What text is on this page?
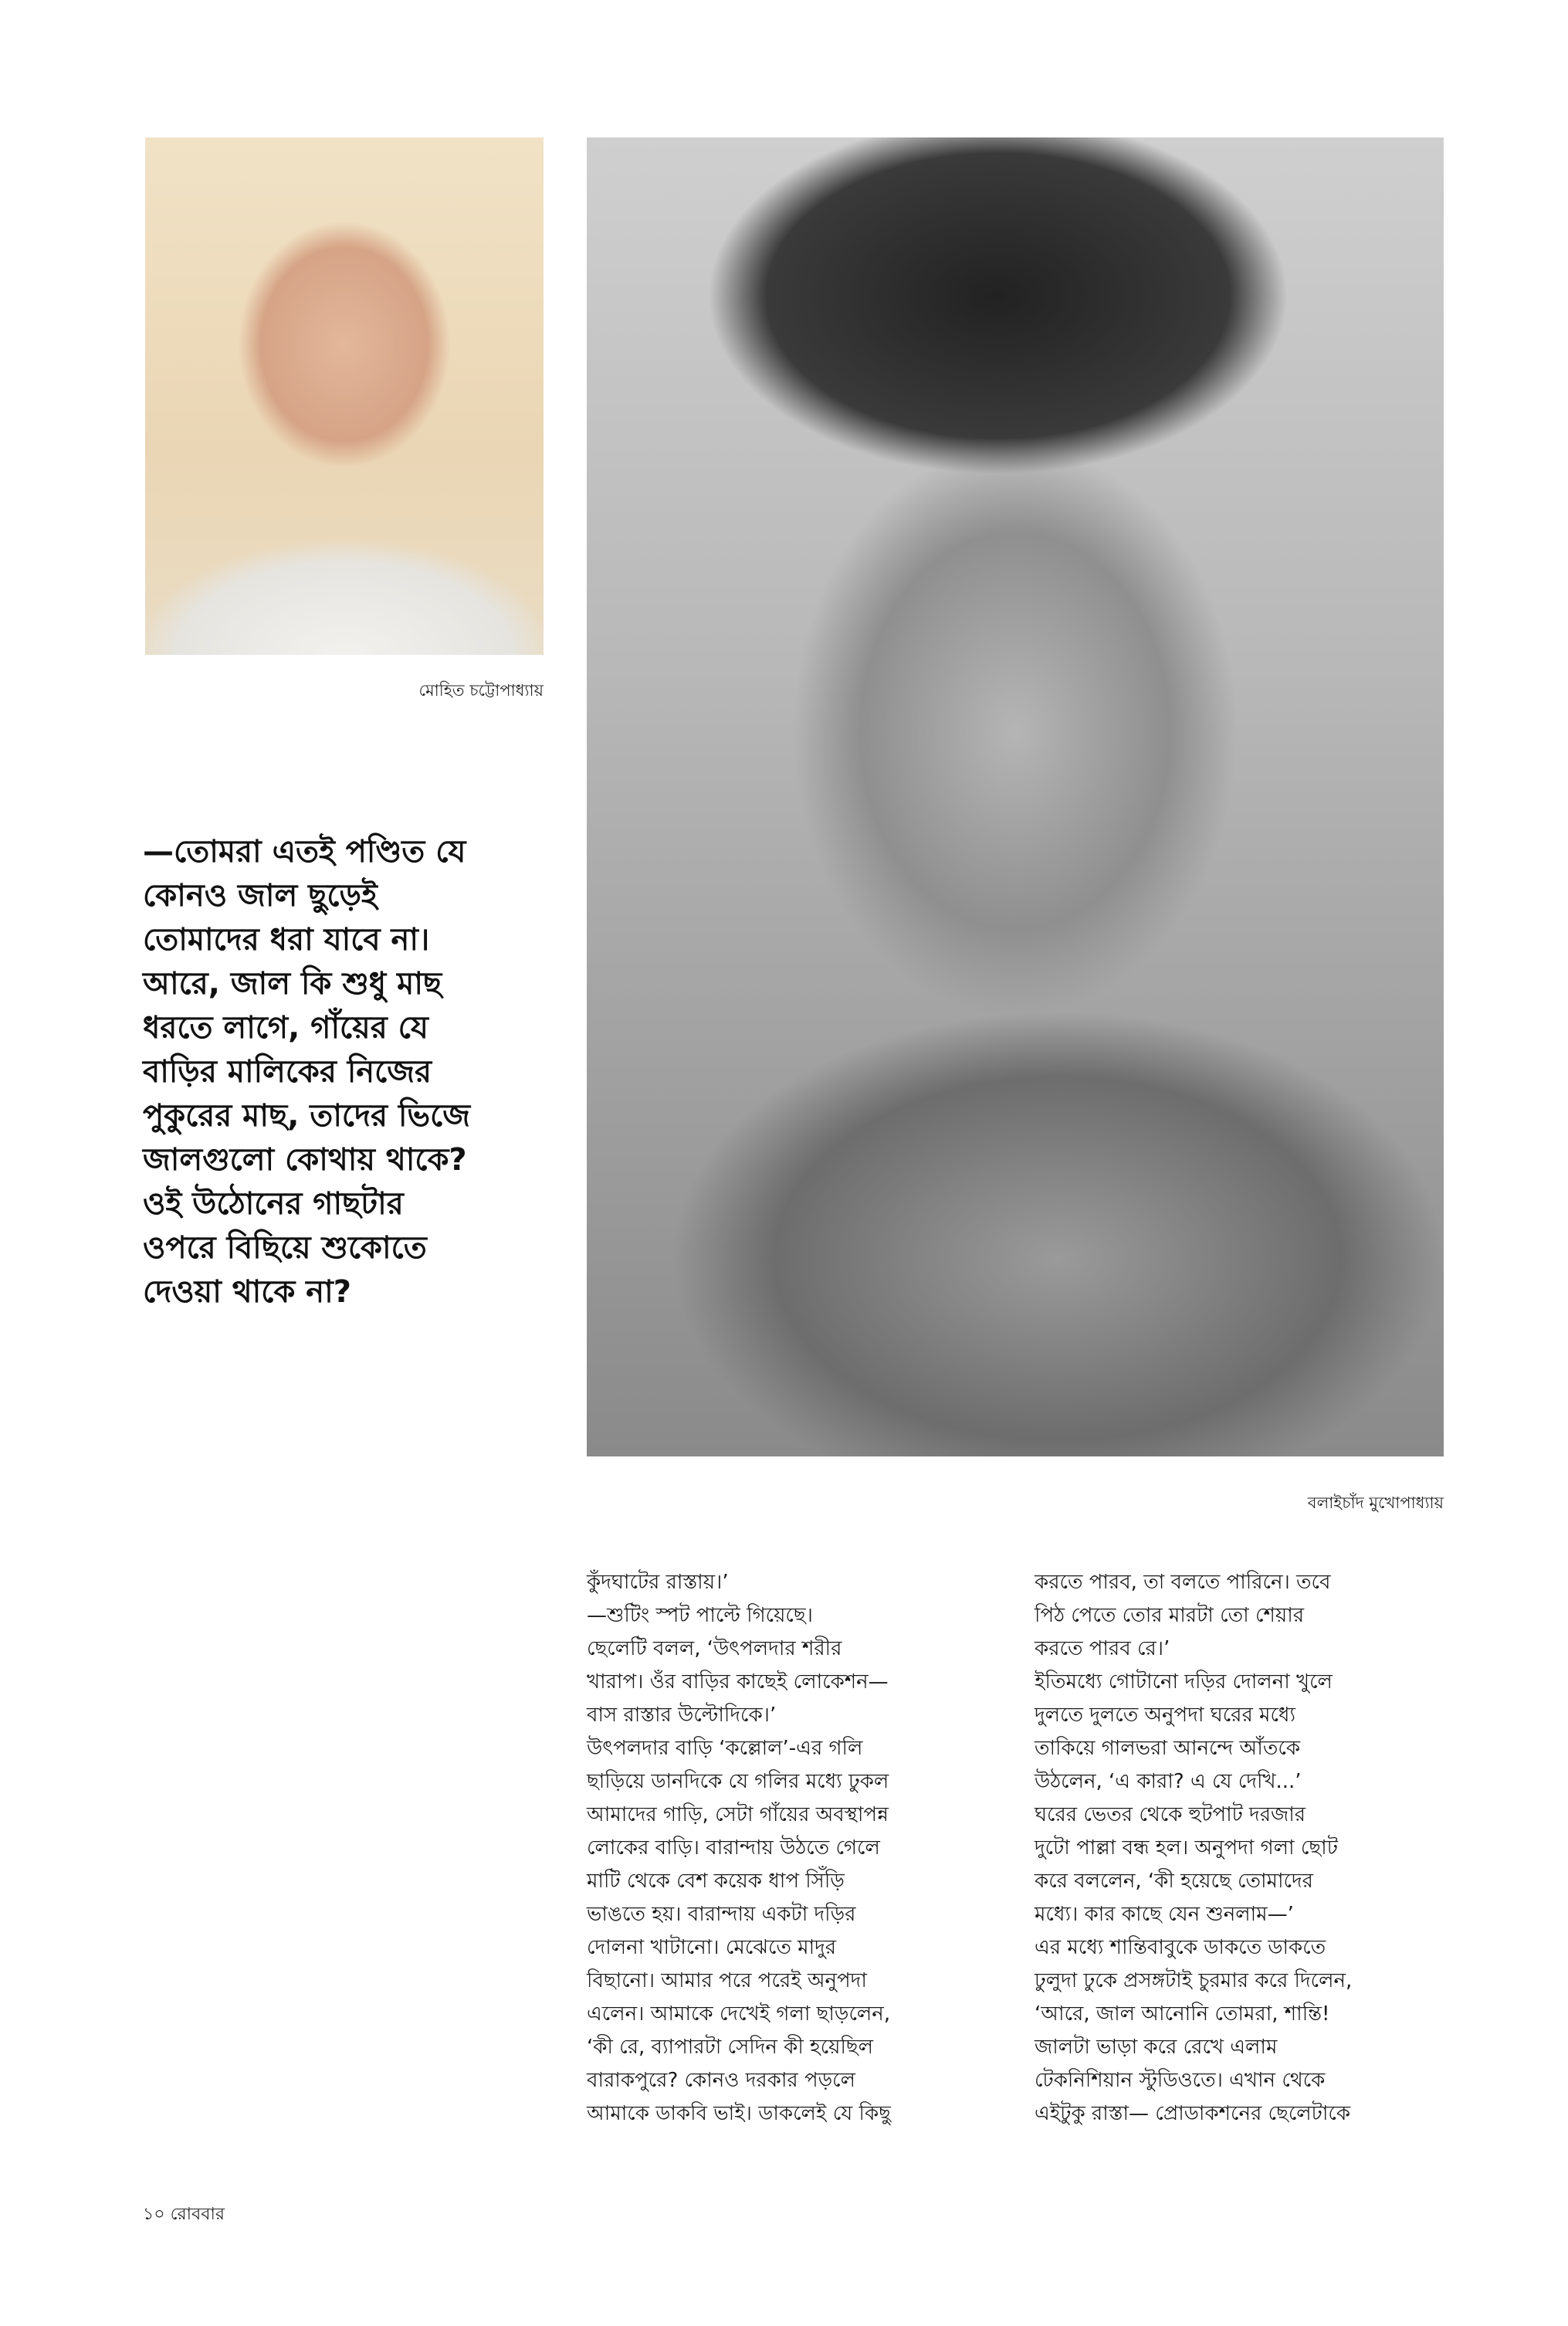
মোহিত চট্টোপাধ্যায়
বলাইচাঁদ মুখোপাধ্যায়
—তোমরা এতই পণ্ডিত যে
কোনও জাল ছুড়েই
তোমাদের ধরা যাবে না।
আরে, জাল কি শুধু মাছ
ধরতে লাগে, গাঁয়ের যে
বাড়ির মালিকের নিজের
পুকুরের মাছ, তাদের ভিজে
জালগুলো কোথায় থাকে?
ওই উঠোনের গাছটার
ওপরে বিছিয়ে শুকোতে
দেওয়া থাকে না?
কুঁদঘাটের রাস্তায়।’
—শুটিং স্পট পাল্টে গিয়েছে।
ছেলেটি বলল, ‘উৎপলদার শরীর
খারাপ। ওঁর বাড়ির কাছেই লোকেশন—
বাস রাস্তার উল্টোদিকে।’
উৎপলদার বাড়ি ‘কল্লোল’-এর গলি
ছাড়িয়ে ডানদিকে যে গলির মধ্যে ঢুকল
আমাদের গাড়ি, সেটা গাঁয়ের অবস্থাপন্ন
লোকের বাড়ি। বারান্দায় উঠতে গেলে
মাটি থেকে বেশ কয়েক ধাপ সিঁড়ি
ভাঙতে হয়। বারান্দায় একটা দড়ির
দোলনা খাটানো। মেঝেতে মাদুর
বিছানো। আমার পরে পরেই অনুপদা
এলেন। আমাকে দেখেই গলা ছাড়লেন,
‘কী রে, ব্যাপারটা সেদিন কী হয়েছিল
বারাকপুরে? কোনও দরকার পড়লে
আমাকে ডাকবি ভাই। ডাকলেই যে কিছু
করতে পারব, তা বলতে পারিনে। তবে
পিঠ পেতে তোর মারটা তো শেয়ার
করতে পারব রে।’
ইতিমধ্যে গোটানো দড়ির দোলনা খুলে
দুলতে দুলতে অনুপদা ঘরের মধ্যে
তাকিয়ে গালভরা আনন্দে আঁতকে
উঠলেন, ‘এ কারা? এ যে দেখি...’
ঘরের ভেতর থেকে হুটপাট দরজার
দুটো পাল্লা বন্ধ হল। অনুপদা গলা ছোট
করে বললেন, ‘কী হয়েছে তোমাদের
মধ্যে। কার কাছে যেন শুনলাম—’
এর মধ্যে শান্তিবাবুকে ডাকতে ডাকতে
ঢুলুদা ঢুকে প্রসঙ্গটাই চুরমার করে দিলেন,
‘আরে, জাল আনোনি তোমরা, শান্তি!
জালটা ভাড়া করে রেখে এলাম
টেকনিশিয়ান স্টুডিওতে। এখান থেকে
এইটুকু রাস্তা— প্রোডাকশনের ছেলেটাকে
১০ রোববার
